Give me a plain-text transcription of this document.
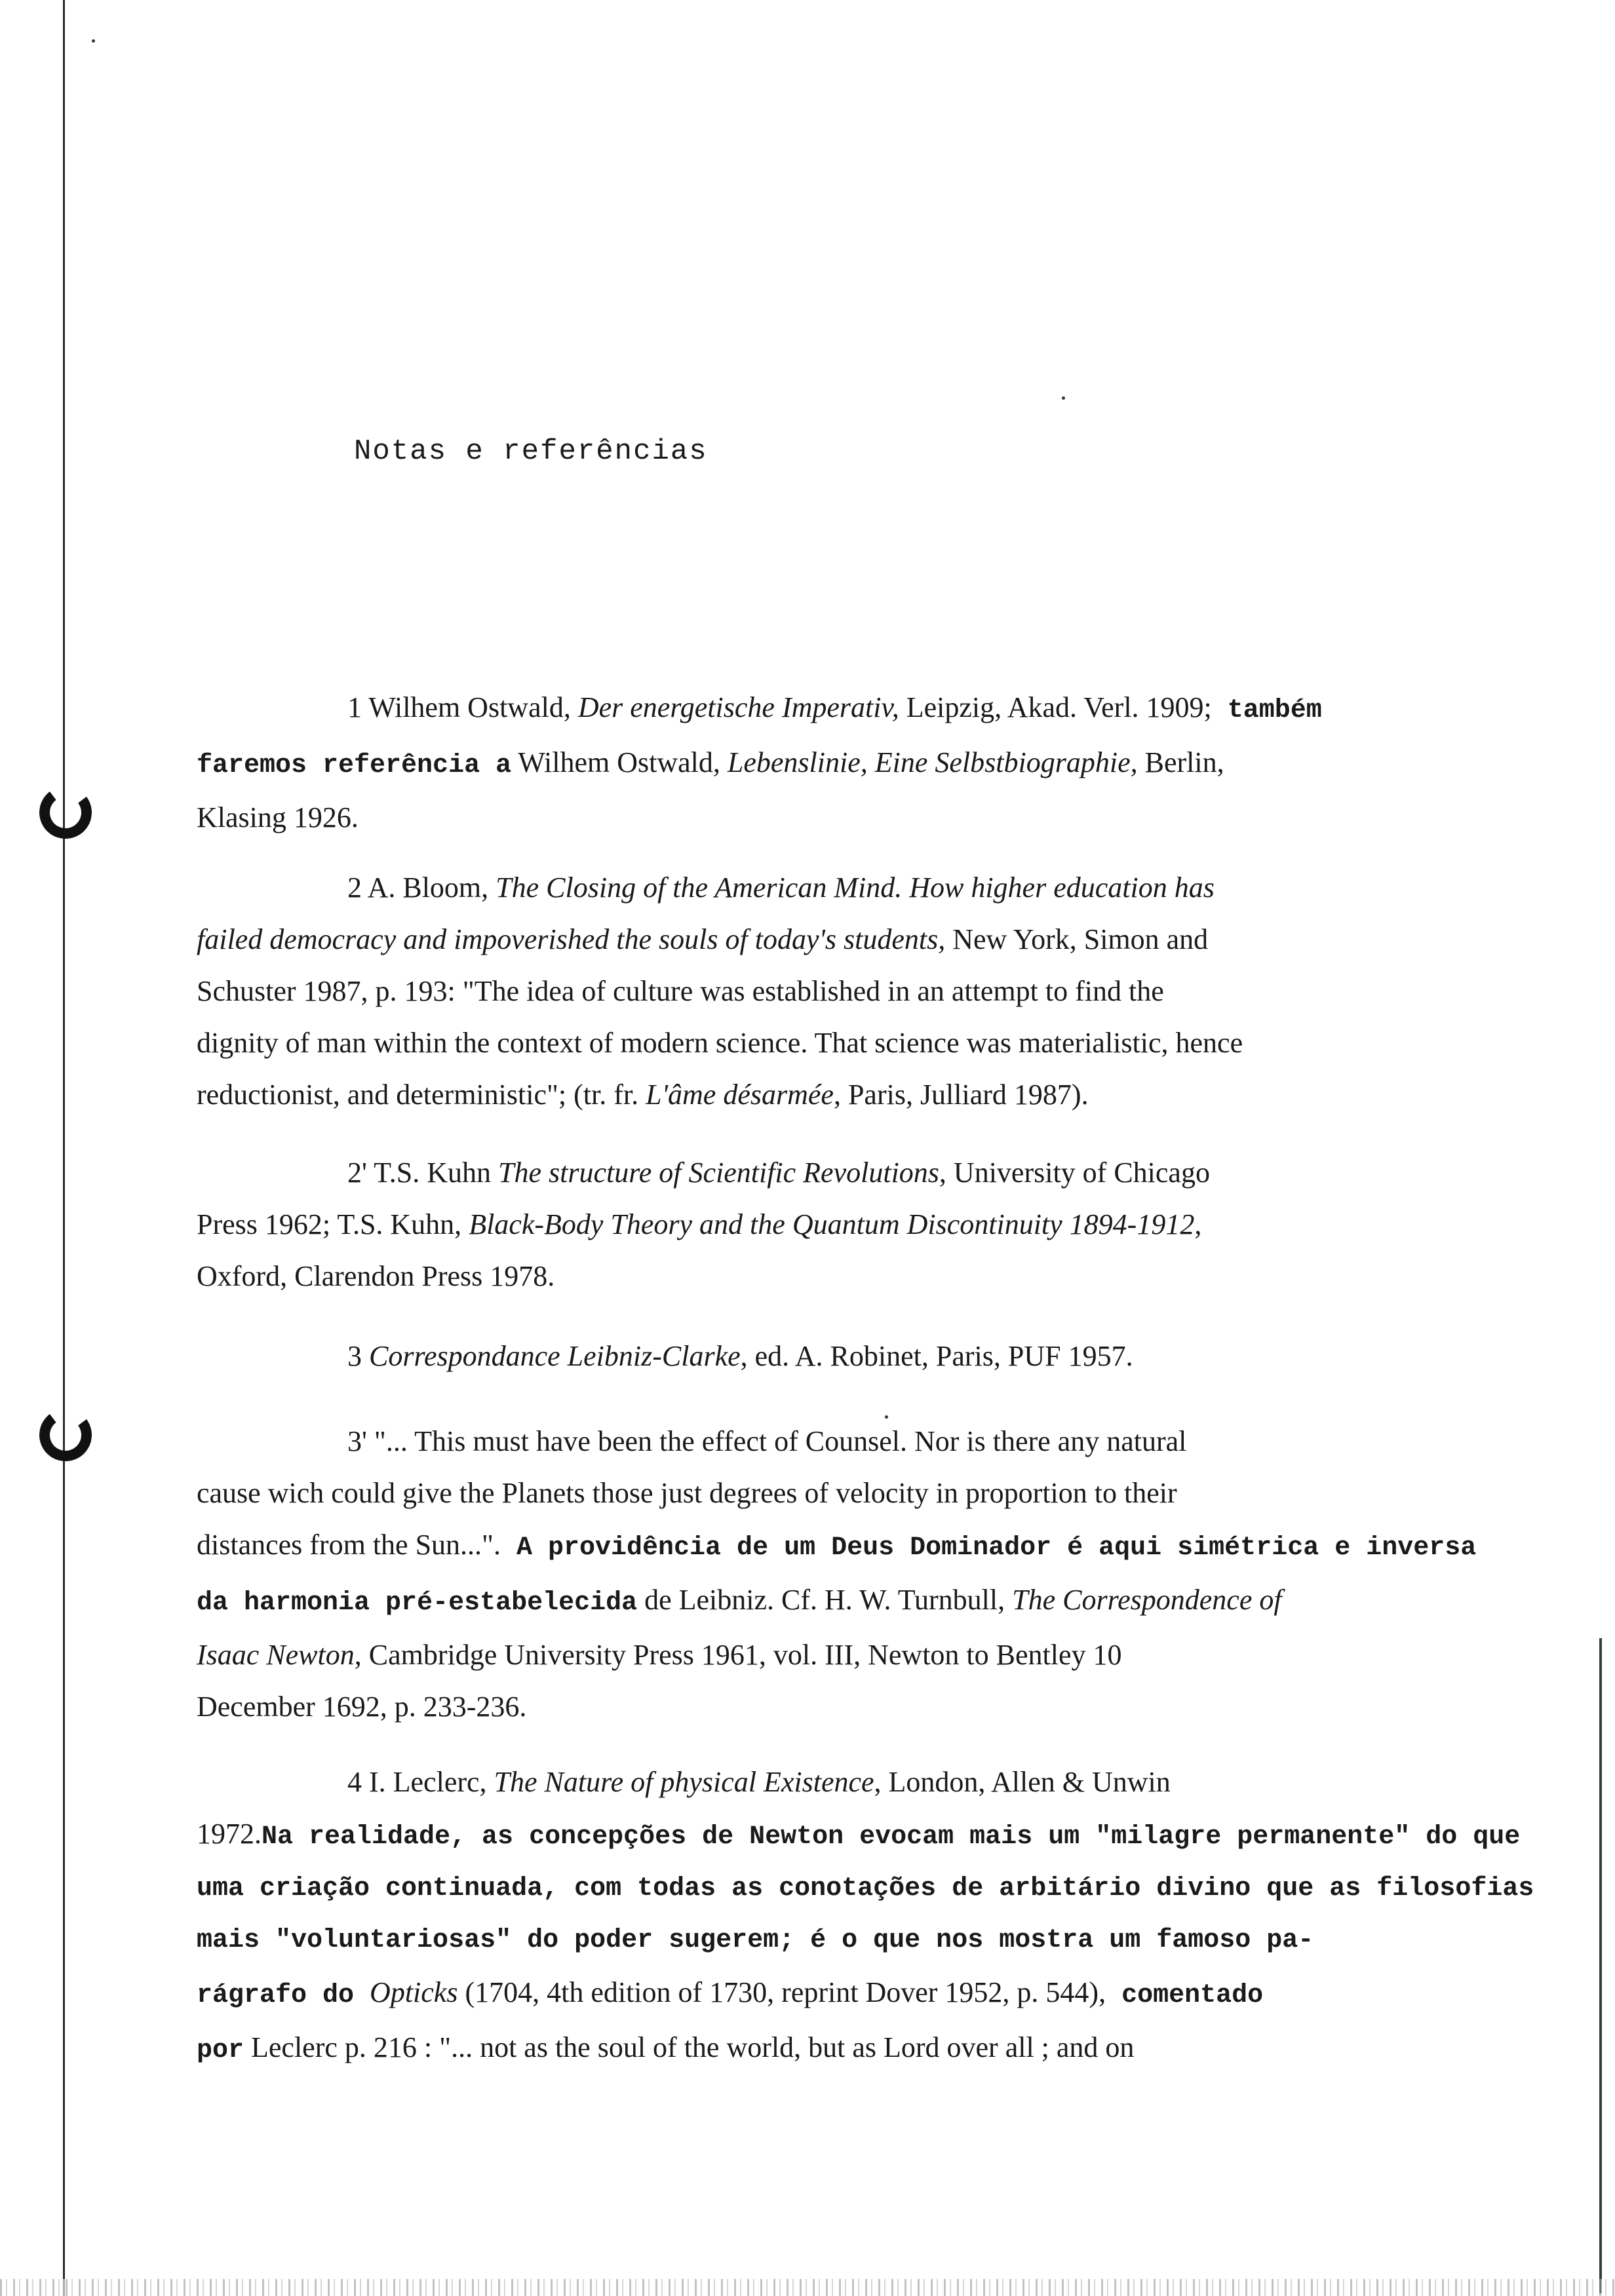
Notas e referências

1 Wilhem Ostwald, Der energetische Imperativ, Leipzig, Akad. Verl. 1909; também

faremos referência a Wilhem Ostwald, Lebenslinie, Eine Selbstbiographie, Berlin,

Klasing 1926.

2 A. Bloom, The Closing of the American Mind. How higher education has

failed democracy and impoverished the souls of today's students, New York, Simon and

Schuster 1987, p. 193: "The idea of culture was established in an attempt to find the

dignity of man within the context of modern science. That science was materialistic, hence

reductionist, and deterministic"; (tr. fr. L'âme désarmée, Paris, Julliard 1987).

2' T.S. Kuhn The structure of Scientific Revolutions, University of Chicago

Press 1962; T.S. Kuhn, Black-Body Theory and the Quantum Discontinuity 1894-1912,

Oxford, Clarendon Press 1978.

3 Correspondance Leibniz-Clarke, ed. A. Robinet, Paris, PUF 1957.

3' "... This must have been the effect of Counsel. Nor is there any natural

cause wich could give the Planets those just degrees of velocity in proportion to their

distances from the Sun...". A providência de um Deus Dominador é aqui simétrica e inversa

da harmonia pré-estabelecida de Leibniz. Cf. H. W. Turnbull, The Correspondence of

Isaac Newton, Cambridge University Press 1961, vol. III, Newton to Bentley 10

December 1692, p. 233-236.

4 I. Leclerc, The Nature of physical Existence, London, Allen & Unwin

1972.Na realidade, as concepções de Newton evocam mais um "milagre permanente" do que

uma criação continuada, com todas as conotações de arbitário divino que as filosofias

mais "voluntariosas" do poder sugerem; é o que nos mostra um famoso pa-

rágrafo do Opticks (1704, 4th edition of 1730, reprint Dover 1952, p. 544), comentado

por Leclerc p. 216 : "... not as the soul of the world, but as Lord over all ; and on
